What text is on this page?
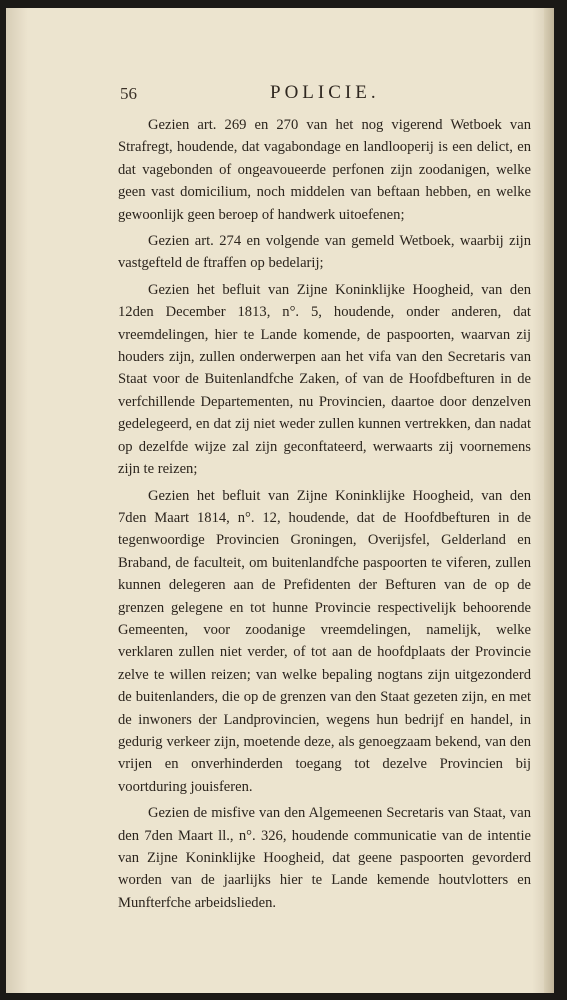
56	POLICIE.

Gezien art. 269 en 270 van het nog vigerend Wetboek van Strafregt, houdende, dat vagabondage en landlooperij is een delict, en dat vagebonden of ongeavoueerde perfonen zijn zoodanigen, welke geen vast domicilium, noch middelen van beftaan hebben, en welke gewoonlijk geen beroep of handwerk uitoefenen;

Gezien art. 274 en volgende van gemeld Wetboek, waarbij zijn vastgefteld de ftraffen op bedelarij;

Gezien het befluit van Zijne Koninklijke Hoogheid, van den 12den December 1813, n°. 5, houdende, onder anderen, dat vreemdelingen, hier te Lande komende, de paspoorten, waarvan zij houders zijn, zullen onderwerpen aan het vifa van den Secretaris van Staat voor de Buitenlandfche Zaken, of van de Hoofdbefturen in de verfchillende Departementen, nu Provincien, daartoe door denzelven gedelegeerd, en dat zij niet weder zullen kunnen vertrekken, dan nadat op dezelfde wijze zal zijn geconftateerd, werwaarts zij voornemens zijn te reizen;

Gezien het befluit van Zijne Koninklijke Hoogheid, van den 7den Maart 1814, n°. 12, houdende, dat de Hoofdbefturen in de tegenwoordige Provincien Groningen, Overijsfel, Gelderland en Braband, de faculteit, om buitenlandfche paspoorten te viferen, zullen kunnen delegeren aan de Prefidenten der Befturen van de op de grenzen gelegene en tot hunne Provincie respectivelijk behoorende Gemeenten, voor zoodanige vreemdelingen, namelijk, welke verklaren zullen niet verder, of tot aan de hoofdplaats der Provincie zelve te willen reizen; van welke bepaling nogtans zijn uitgezonderd de buitenlanders, die op de grenzen van den Staat gezeten zijn, en met de inwoners der Landprovincien, wegens hun bedrijf en handel, in gedurig verkeer zijn, moetende deze, als genoegzaam bekend, van den vrijen en onverhinderden toegang tot dezelve Provincien bij voortduring jouisferen.

Gezien de misfive van den Algemeenen Secretaris van Staat, van den 7den Maart ll., n°. 326, houdende communicatie van de intentie van Zijne Koninklijke Hoogheid, dat geene paspoorten gevorderd worden van de jaarlijks hier te Lande kemende houtvlotters en Munfterfche arbeidslieden.
